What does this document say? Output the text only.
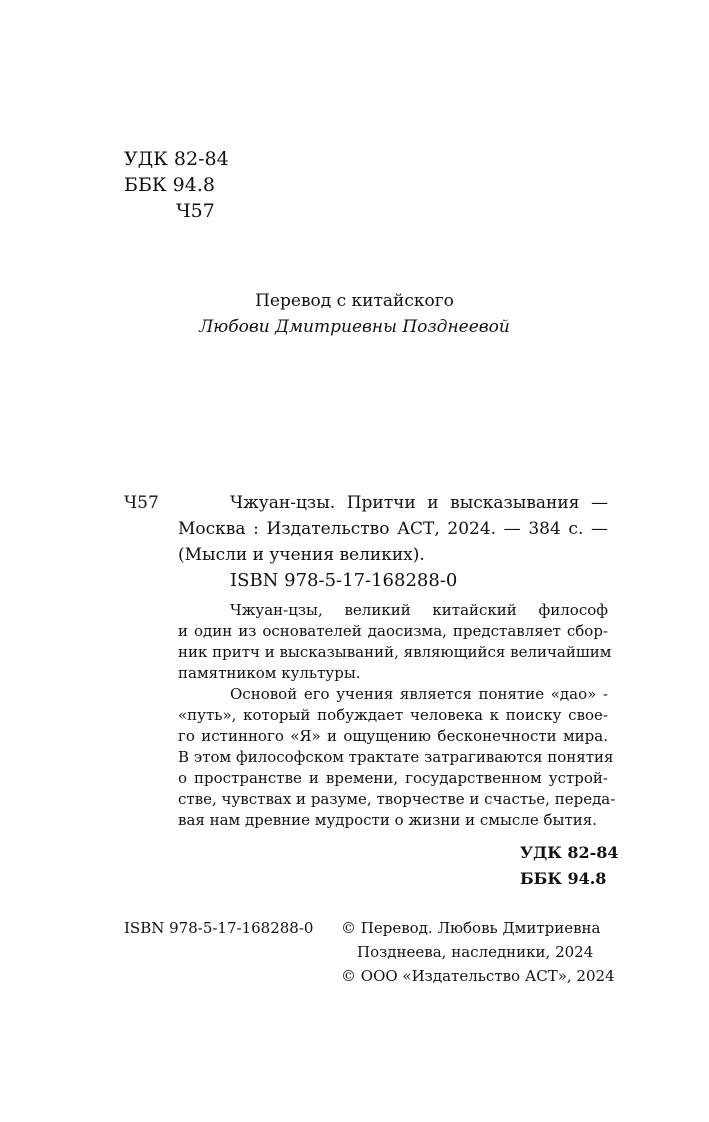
УДК 82-84
ББК 94.8
Ч57
Перевод с китайского
Любови Дмитриевны Позднеевой
Ч57	Чжуан-цзы. Притчи и высказывания —
Москва : Издательство АСТ, 2024. — 384 с. —
(Мысли и учения великих).
ISBN 978-5-17-168288-0
Чжуан-цзы, великий китайский философ
и один из основателей даосизма, представляет сбор-
ник притч и высказываний, являющийся величайшим
памятником культуры.
Основой его учения является понятие «дао» -
«путь», который побуждает человека к поиску свое-
го истинного «Я» и ощущению бесконечности мира.
В этом философском трактате затрагиваются понятия
о пространстве и времени, государственном устрой-
стве, чувствах и разуме, творчестве и счастье, переда-
вая нам древние мудрости о жизни и смысле бытия.
УДК 82-84
ББК 94.8
ISBN 978-5-17-168288-0 © Перевод. Любовь Дмитриевна
Позднеева, наследники, 2024
© ООО «Издательство АСТ», 2024
